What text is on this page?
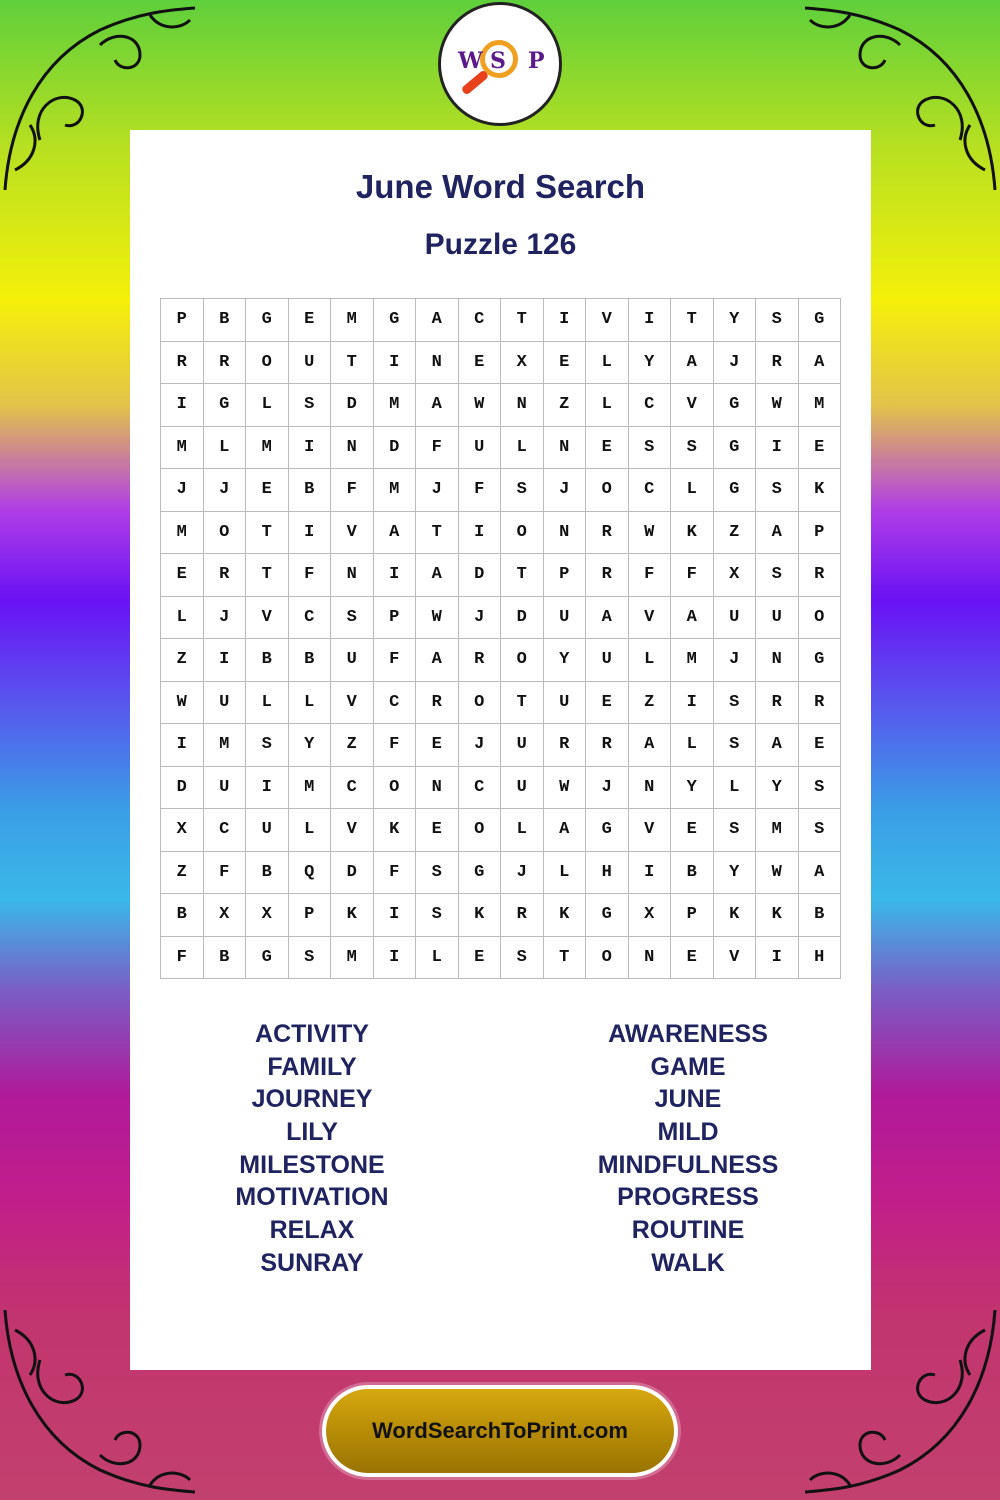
W S P
June Word Search
Puzzle 126
P	B	G	E	M	G	A	C	T	I	V	I	T	Y	S	G
R	R	O	U	T	I	N	E	X	E	L	Y	A	J	R	A
I	G	L	S	D	M	A	W	N	Z	L	C	V	G	W	M
M	L	M	I	N	D	F	U	L	N	E	S	S	G	I	E
J	J	E	B	F	M	J	F	S	J	O	C	L	G	S	K
M	O	T	I	V	A	T	I	O	N	R	W	K	Z	A	P
E	R	T	F	N	I	A	D	T	P	R	F	F	X	S	R
L	J	V	C	S	P	W	J	D	U	A	V	A	U	U	O
Z	I	B	B	U	F	A	R	O	Y	U	L	M	J	N	G
W	U	L	L	V	C	R	O	T	U	E	Z	I	S	R	R
I	M	S	Y	Z	F	E	J	U	R	R	A	L	S	A	E
D	U	I	M	C	O	N	C	U	W	J	N	Y	L	Y	S
X	C	U	L	V	K	E	O	L	A	G	V	E	S	M	S
Z	F	B	Q	D	F	S	G	J	L	H	I	B	Y	W	A
B	X	X	P	K	I	S	K	R	K	G	X	P	K	K	B
F	B	G	S	M	I	L	E	S	T	O	N	E	V	I	H
ACTIVITY
FAMILY
JOURNEY
LILY
MILESTONE
MOTIVATION
RELAX
SUNRAY
AWARENESS
GAME
JUNE
MILD
MINDFULNESS
PROGRESS
ROUTINE
WALK
WordSearchToPrint.com
